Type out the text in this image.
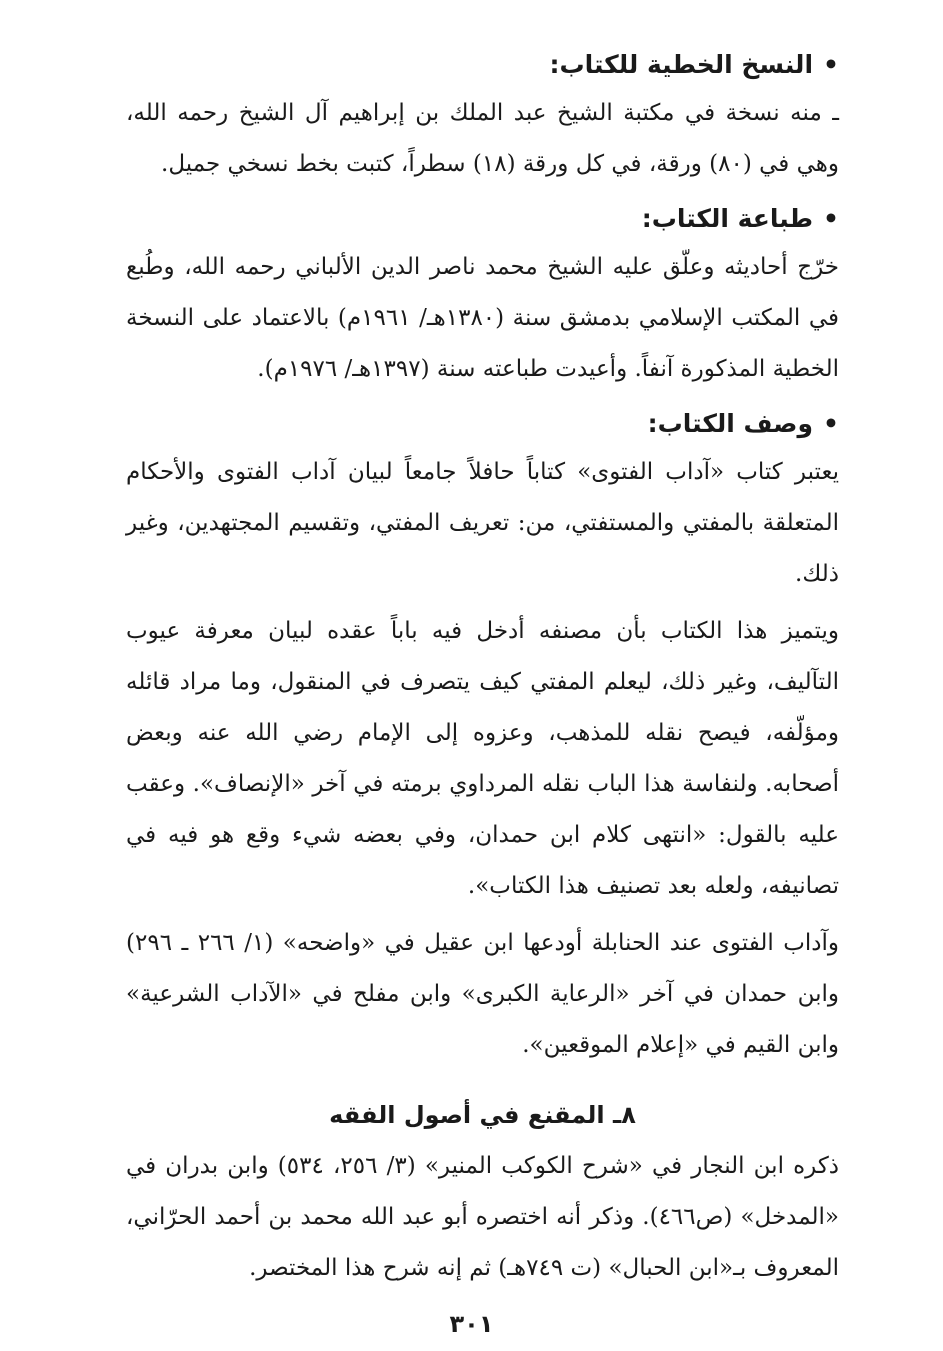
•النسخ الخطية للكتاب:

ـ منه نسخة في مكتبة الشيخ عبد الملك بن إبراهيم آل الشيخ رحمه الله، وهي في (٨٠) ورقة، في كل ورقة (١٨) سطراً، كتبت بخط نسخي جميل.

•طباعة الكتاب:

خرّج أحاديثه وعلّق عليه الشيخ محمد ناصر الدين الألباني رحمه الله، وطُبع في المكتب الإسلامي بدمشق سنة (١٣٨٠هـ/ ١٩٦١م) بالاعتماد على النسخة الخطية المذكورة آنفاً. وأعيدت طباعته سنة (١٣٩٧هـ/ ١٩٧٦م).

•وصف الكتاب:

يعتبر كتاب «آداب الفتوى» كتاباً حافلاً جامعاً لبيان آداب الفتوى والأحكام المتعلقة بالمفتي والمستفتي، من: تعريف المفتي، وتقسيم المجتهدين، وغير ذلك.

ويتميز هذا الكتاب بأن مصنفه أدخل فيه باباً عقده لبيان معرفة عيوب التآليف، وغير ذلك، ليعلم المفتي كيف يتصرف في المنقول، وما مراد قائله ومؤلّفه، فيصح نقله للمذهب، وعزوه إلى الإمام رضي الله عنه وبعض أصحابه. ولنفاسة هذا الباب نقله المرداوي برمته في آخر «الإنصاف». وعقب عليه بالقول: «انتهى كلام ابن حمدان، وفي بعضه شيء وقع هو فيه في تصانيفه، ولعله بعد تصنيف هذا الكتاب».

وآداب الفتوى عند الحنابلة أودعها ابن عقيل في «واضحه» (١/ ٢٦٦ ـ ٢٩٦) وابن حمدان في آخر «الرعاية الكبرى» وابن مفلح في «الآداب الشرعية» وابن القيم في «إعلام الموقعين».

٨ـ المقنع في أصول الفقه

ذكره ابن النجار في «شرح الكوكب المنير» (٣/ ٢٥٦، ٥٣٤) وابن بدران في «المدخل» (ص٤٦٦). وذكر أنه اختصره أبو عبد الله محمد بن أحمد الحرّاني، المعروف بـ«ابن الحبال» (ت ٧٤٩هـ) ثم إنه شرح هذا المختصر.

٣٠١
